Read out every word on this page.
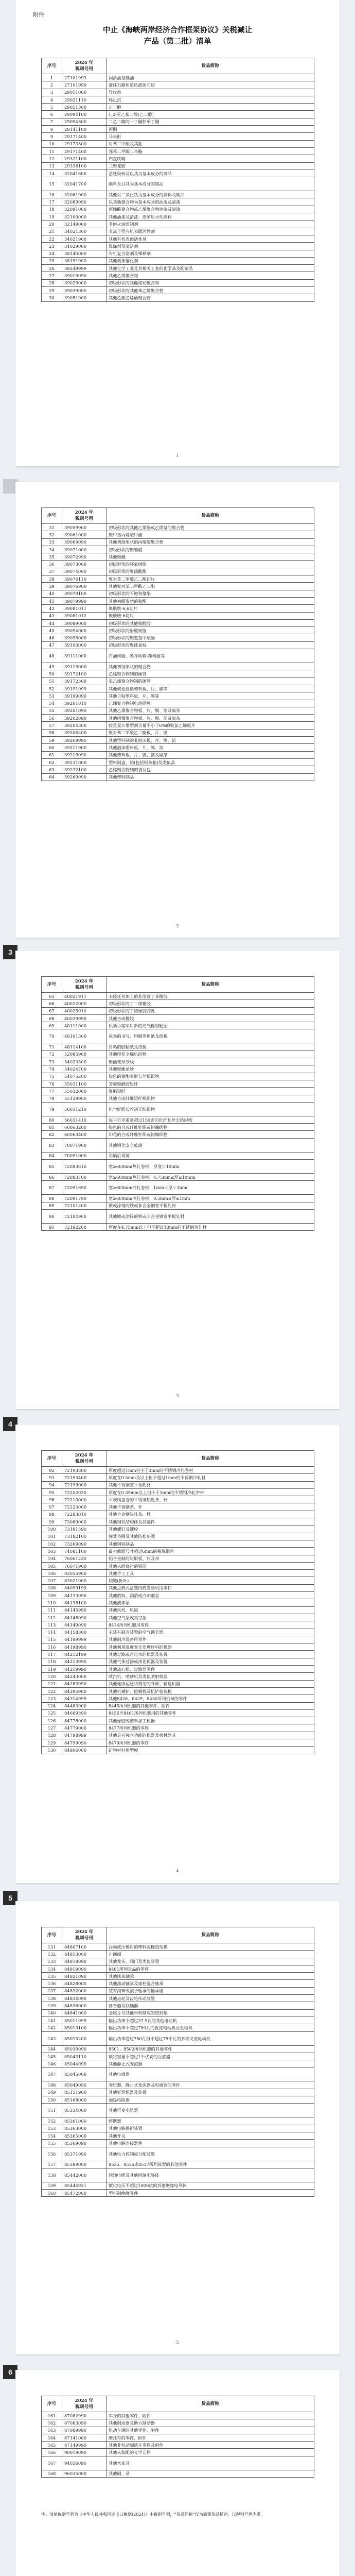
附件
中止《海峡两岸经济合作框架协议》关税减让
产品（第二批）清单
序号	2024 年
税则号列	货品简称
1	27101993	润滑油基础油
2	27101999	液体石蜡和重质液体石蜡
3	29011000	异戊烷
4	29021110	环己烷
5	29051300	正丁醇
6	29094100	1,2-亚乙基二醇(乙二醇)
7	29094300	二乙二醇的一丁醚和单丁醚
8	29141100	丙酮
9	29171400	马来酐
10	29173300	对苯二甲酸及其盐
11	29171400	邻苯二甲酸二辛酯
12	29321100	四氢呋喃
13	29336100	三聚氰胺
14	32041600	活性染料及以其为基本成分的制品
15	32041700	颜料及以其为基本成分的制品
16	32061900	其他以二氧化钛为基本成分的颜料及制品
17	32089090	以其他聚合物为基本成分的油漆及清漆
18	32091000	丙烯酸聚合物或乙烯聚合物油漆及清漆
19	32100000	其他油漆及清漆；皮革用水性颜料
20	32149000	非耐火涂面制剂
21	34021300	非离子型有机表面活性剂
22	34021900	其他有机表面活性剂
23	34029000	洗涤剂及清洁剂
24	38140000	有机复合溶剂及稀释剂
25	38151900	其他载体催化剂
26	38249999	其他化学工业及其相关工业的化学品及配制品
27	39019090	其他乙烯聚合物
28	39029000	初级形状的其他烯烃聚合物
29	39039000	初级形状的其他苯乙烯聚合物
30	39051900	其他乙酸乙烯酯聚合物
1
序号	2024 年
税则号列	货品简称
31	39059900	初级形状的其他乙烯酯或乙烯基的聚合物
32	39061000	聚甲基丙烯酸甲酯
33	39069090	其他初级形状的丙烯酸聚合物
34	39071000	初级形状的聚缩醛
35	39072990	其他聚醚
36	39073000	初级形状的环氧树脂
37	39074000	初级形状的聚碳酸酯
38	39076110	聚对苯二甲酸乙二酯切片
39	39076900	其他聚对苯二甲酸乙二酯
40	39079100	初级形状的不饱和聚酯
41	39079990	其他初级形状的聚酯
42	39081011	聚酰胺-6,6切片
43	39081012	聚酰胺-6切片
44	39089000	初级形状的其他聚酰胺
45	39094000	初级形状的酚醛树脂
46	39095000	初级形状的聚氨基甲酸酯
47	39100000	初级形状的聚硅氧烷
48	39111000	石油树脂、苯并呋喃-茚树脂等
49	39119000	其他初级形状的聚合物
50	39172100	乙烯聚合物制的硬管
51	39172300	氯乙烯聚合物制的硬管
52	39191099	其他成卷自粘塑料板、片、膜等
53	39199090	其他自粘塑料板、片、膜等
54	39201010	乙烯聚合物制电池隔膜
55	39201090	其他乙烯聚合物板、片、膜、箔及扁条
56	39202090	其他丙烯聚合物板、片、膜、箔及扁条
57	39204300	按重量计增塑剂含量不小于6%的聚氯乙烯板片
58	39206200	聚对苯二甲酸乙二酯板、片、膜
59	39209990	其他塑料制的非泡沫板、片、膜、箔
60	39211900	其他泡沫塑料板、片、膜、箔
61	39219090	其他塑料板、片、膜、箔及扁条
62	39231000	塑料制盒、箱(包括板条箱)及类似品
63	39232100	乙烯聚合物制的袋及包
64	39269090	其他塑料制品
2
3
序号	2024 年
税则号列	货品简称
65	40021911	未经任何加工的非溶液丁苯橡胶
66	40022000	初级形状的丁二烯橡胶
67	40025910	初级形状的丁腈橡胶胶乳
68	40029990	其他合成橡胶
69	40111000	机动小客车用新的充气橡胶轮胎
70	48101300	成卷的书写、印刷等用纸及纸板
71	48114100	自粘的胶粘纸及纸板
72	52085900	其他印花全棉机织物
73	54023300	聚酯变形纱线
74	54024700	其他聚酯单纱
75	54075200	染色的聚酯变形长丝机织物
76	55031100	芳族聚酰胺短纤
77	55032000	聚酯短纤
78	55129900	其他合成纤维短纤机织物
79	56031210	化学纤维长丝制无纺织物
80	56031410	每平方米重量超过150克的化纤长丝无纺织物
81	60063200	染色的合成纤维针织或钩编织物
82	60063400	印花的合成纤维针织或钩编织物
83	70071900	其他钢化安全玻璃
84	70091000	车辆后视镜
85	72083610	宽≥600mm热轧卷材，厚度＞10mm
86	72083700	宽≥600mm热轧卷材，4.75mm≤厚≤10mm
87	72091690	宽≥600mm冷轧卷材，1mm＜厚＜3mm
88	72091790	宽≥600mm冷轧卷材，0.5mm≤厚≤1mm
89	72101200	镀或涂锡的铁或非合金钢宽平板轧材
90	72104900	其他镀或涂锌的铁或非合金钢宽平板轧材
91	72192200	厚度在4.75mm以上但不超过10mm的不锈钢热轧材
3
4
序号	2024 年
税则号列	货品简称
92	72193300	厚度超过1mm但小于3mm的不锈钢冷轧卷材
93	72193400	厚度在0.5mm及以上但不超过1mm的不锈钢冷轧材
94	72199000	其他不锈钢宽平板轧材
95	72202020	厚度在0.35mm以上但小于3mm的不锈钢冷轧窄带
96	72210000	不规则盘卷的不锈钢热轧条、杆
97	72223000	其他不锈钢条、杆
98	72283010	其他合金钢热轧条、杆
99	73089000	其他钢铁结构体及其部件
100	73181590	其他螺钉及螺栓
101	73182100	弹簧垫圈及其他防松垫圈
102	73269090	其他钢铁制品
103	74081100	最大截面尺寸超过6mm的精炼铜丝
104	76061220	铝合金制的矩形板、片及带
105	76071900	其他未经背衬的铝箔
106	82055900	其他手工工具
107	83021000	铰链(折叶)
108	84099199	其他点燃式活塞内燃发动机用零件
109	84133090	其他燃料、润滑或冷却剂泵
110	84138100	其他液体泵
111	84145990	其他风机、风扇
112	84148090	其他空气泵或真空泵
113	84149090	8414所列机器用零件
114	84158300	未装有制冷装置的空气调节器
115	84189999	其他制冷设备用零件
116	84198990	其他利用温度变化处理材料的机器
117	84212199	其他过滤或净化水的机器及装置
118	84213990	其他气体过滤或净化机器及装置
119	84219990	其他离心机、过滤器零件
120	84243000	喷汽机、喷砂机及类似喷射机器
121	84283990	其他连续运送货物用的升降、输送机器
122	84295900	其他机械铲、挖掘机及机铲装载机
123	84314999	其他8426、8429、8430所列机械的零件
124	84483900	8445所列机器的其他零件、附件
125	84669390	8456至8461所列机器用的其他零件
126	84778000	其他橡胶或塑料加工机器
127	84779000	8477所列机器的零件
128	84798999	其他具有独立功能的机器及机械器具
129	84799090	8479所列机器的零件
130	84806000	矿物材料用型模
4
5
序号	2024 年
税则号列	货品简称
131	84807100	注模或压模用的塑料或橡胶型模
132	84813000	止回阀
133	84818090	其他龙头、阀门及类似装置
134	84819090	8481所列货品的零件
135	84821090	其他滚珠轴承
136	84828000	其他滚动轴承及球柱混合轴承
137	84832000	装有滚珠或滚子轴承的轴承座
138	84834090	其他齿轮及齿轮传动装置
139	84836000	离合器及联轴器
140	84841000	金属片与其他材料制成的密封垫
141	85011099	输出功率不超过37.5瓦的其他电动机
142	85013100	输出功率不超过750瓦的直流电动机及发电机
143	85015200	输出功率超过750瓦但不超过75千瓦的多相交流电动机
144	85030090	8501、8502所列机器的其他零件
145	85043110	额定容量不超过1千伏安的互感器
146	85044099	其他静止式变流器
147	85045000	其他电感器
148	85049090	变压器、静止式变流器及电感器的零件
149	85151900	其他钎焊机器及装置
150	85168000	加热电阻器
151	85334000	其他可变电阻器
152	85361000	熔断器
153	85363000	其他电路保护装置
154	85365000	其他开关
155	85369090	其他电路连接器件
156	85371090	其他电力控制或分配装置
157	85389000	8535、8536或8537所列装置的其他零件
158	85442000	同轴电缆及其他同轴电导体
159	85444921	额定电压不超过1000伏的其他绝缘电导体
160	85472000	塑料制绝缘零件
5
6
序号	2024 年
税则号列	货品简称
161	87082990	车身的其他零件、附件
162	87083090	其他制动器及助力制动器
163	87089990	机动车辆的其他零件、附件
164	87141000	摩托车的零件、附件
165	87149990	其他非机动脚踏车零件及附件
166	90019090	其他未装配的光学元件
167	94036090	其他木家具
168	96035000	其他刷、帚
注：清单税则号列为《中华人民共和国进出口税则(2024)》中税则号列，“货品简称”仅为简要货品描述，以税则号列为准。
